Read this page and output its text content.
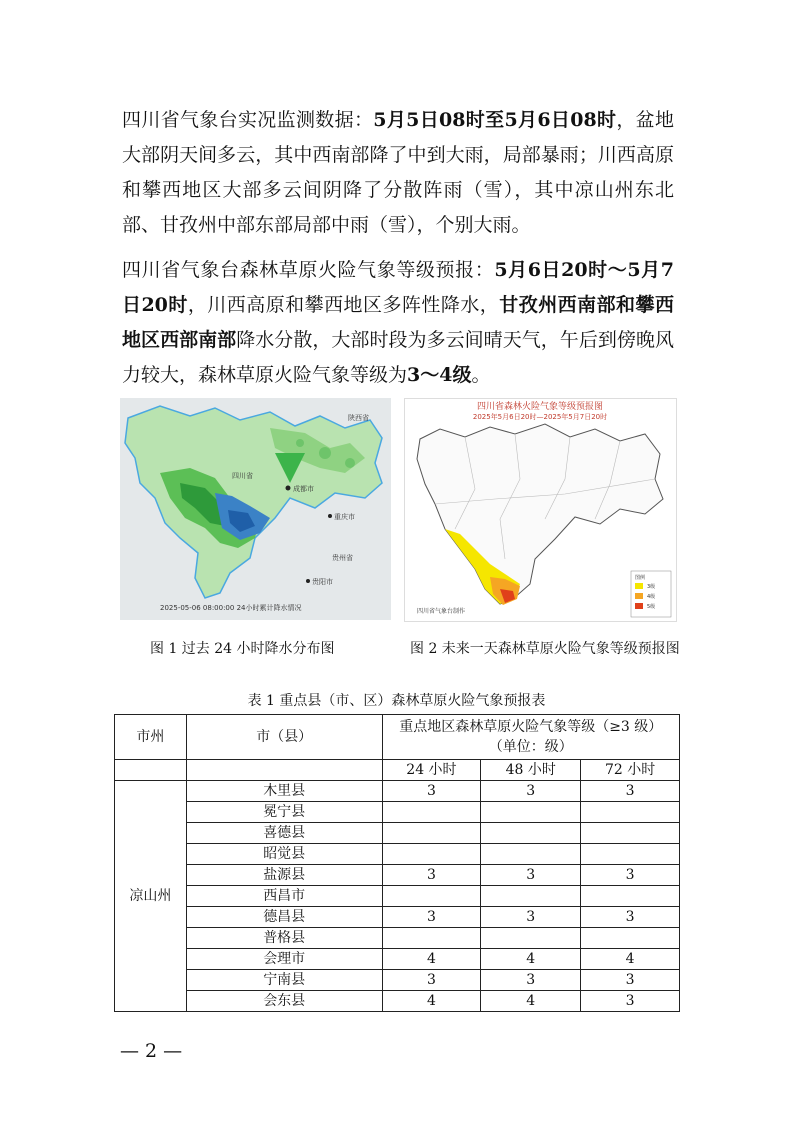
四川省气象台实况监测数据：5月5日08时至5月6日08时，盆地大部阴天间多云，其中西南部降了中到大雨，局部暴雨；川西高原和攀西地区大部多云间阴降了分散阵雨（雪），其中凉山州东北部、甘孜州中部东部局部中雨（雪），个别大雨。

四川省气象台森林草原火险气象等级预报：5月6日20时～5月7日20时，川西高原和攀西地区多阵性降水，甘孜州西南部和攀西地区西部南部降水分散，大部时段为多云间晴天气，午后到傍晚风力较大，森林草原火险气象等级为3～4级。

成都市
重庆市
贵阳市
陕西省
四川省
贵州省
2025-05-06 08:00:00 24小时累计降水情况
四川省森林火险气象等级预报图
2025年5月6日20时—2025年5月7日20时
四川省气象台制作
图例
3级
4级
5级
图 1 过去 24 小时降水分布图	图 2 未来一天森林草原火险气象等级预报图
表 1 重点县（市、区）森林草原火险气象预报表
市州	市（县）	重点地区森林草原火险气象等级（≥3 级）
（单位：级）		

		24 小时	48 小时	72 小时
凉山州	木里县	3	3	3
	冕宁县			
	喜德县			
	昭觉县			
	盐源县	3	3	3
	西昌市			
	德昌县	3	3	3
	普格县			
	会理市	4	4	4
	宁南县	3	3	3
	会东县	4	4	3
— 2 —
